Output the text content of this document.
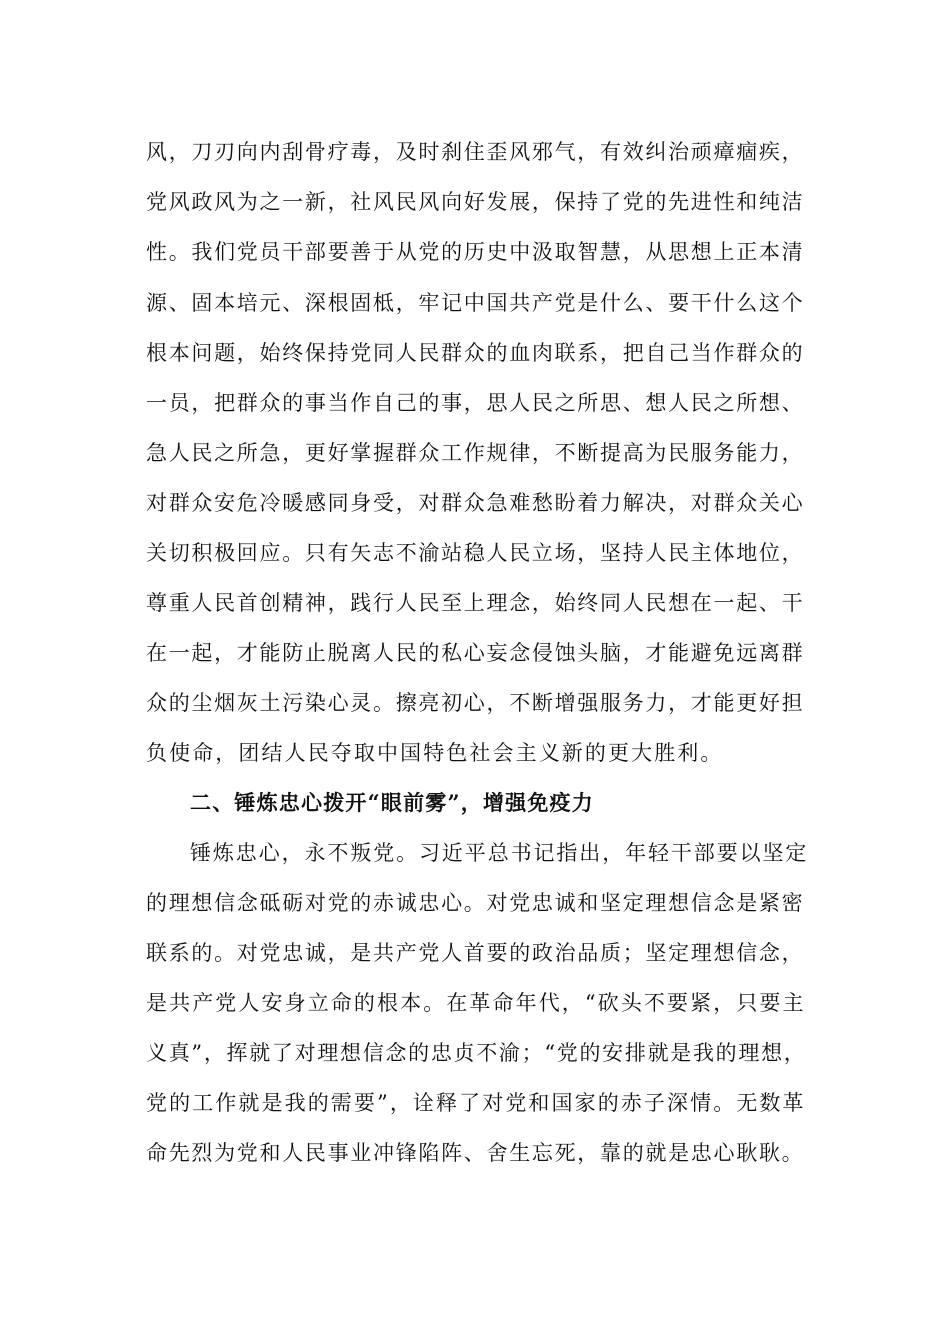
风，刀刃向内刮骨疗毒，及时刹住歪风邪气，有效纠治顽瘴痼疾，
党风政风为之一新，社风民风向好发展，保持了党的先进性和纯洁
性。我们党员干部要善于从党的历史中汲取智慧，从思想上正本清
源、固本培元、深根固柢，牢记中国共产党是什么、要干什么这个
根本问题，始终保持党同人民群众的血肉联系，把自己当作群众的
一员，把群众的事当作自己的事，思人民之所思、想人民之所想、
急人民之所急，更好掌握群众工作规律，不断提高为民服务能力，
对群众安危冷暖感同身受，对群众急难愁盼着力解决，对群众关心
关切积极回应。只有矢志不渝站稳人民立场，坚持人民主体地位，
尊重人民首创精神，践行人民至上理念，始终同人民想在一起、干
在一起，才能防止脱离人民的私心妄念侵蚀头脑，才能避免远离群
众的尘烟灰土污染心灵。擦亮初心，不断增强服务力，才能更好担
负使命，团结人民夺取中国特色社会主义新的更大胜利。
二、锤炼忠心拨开“眼前雾”，增强免疫力
锤炼忠心，永不叛党。习近平总书记指出，年轻干部要以坚定
的理想信念砥砺对党的赤诚忠心。对党忠诚和坚定理想信念是紧密
联系的。对党忠诚，是共产党人首要的政治品质；坚定理想信念，
是共产党人安身立命的根本。在革命年代，“砍头不要紧，只要主
义真”，挥就了对理想信念的忠贞不渝；“党的安排就是我的理想，
党的工作就是我的需要”，诠释了对党和国家的赤子深情。无数革
命先烈为党和人民事业冲锋陷阵、舍生忘死，靠的就是忠心耿耿。
